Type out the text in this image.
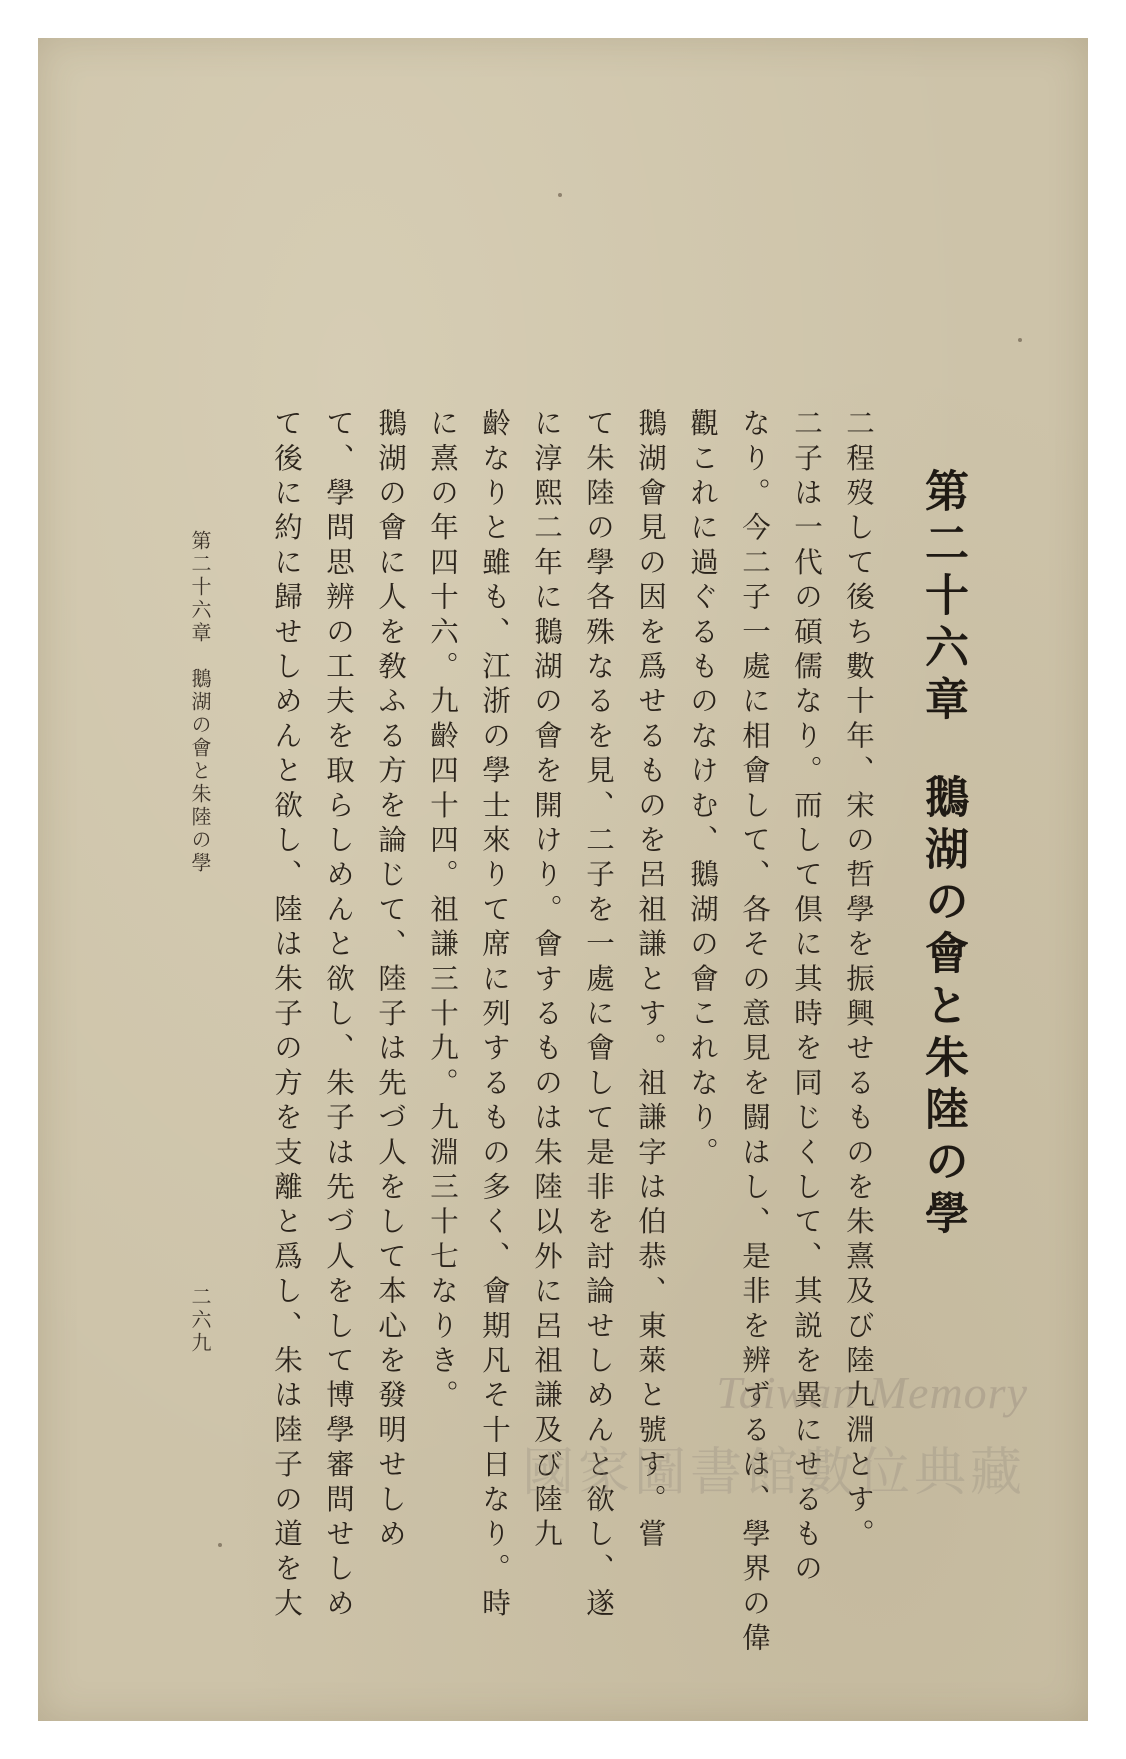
第二十六章鵝湖の會と朱陸の學
二程歿して後ち數十年、宋の哲學を振興せるものを朱熹及び陸九淵とす。
二子は一代の碩儒なり。而して倶に其時を同じくして、其説を異にせるもの
なり。今二子一處に相會して、各その意見を闘はし、是非を辨ずるは、學界の偉
觀これに過ぐるものなけむ、鵝湖の會これなり。
鵝湖會見の因を爲せるものを呂祖謙とす。祖謙字は伯恭、東萊と號す。嘗
て朱陸の學各殊なるを見、二子を一處に會して是非を討論せしめんと欲し、遂
に淳熙二年に鵝湖の會を開けり。會するものは朱陸以外に呂祖謙及び陸九
齡なりと雖も、江浙の學士來りて席に列するもの多く、會期凡そ十日なり。時
に熹の年四十六。九齡四十四。祖謙三十九。九淵三十七なりき。
鵝湖の會に人を敎ふる方を論じて、陸子は先づ人をして本心を發明せしめ
て、學問思辨の工夫を取らしめんと欲し、朱子は先づ人をして博學審問せしめ
て後に約に歸せしめんと欲し、陸は朱子の方を支離と爲し、朱は陸子の道を大
第二十六章　鵝湖の會と朱陸の學
二六九
Taiwan Memory
國家圖書館數位典藏
